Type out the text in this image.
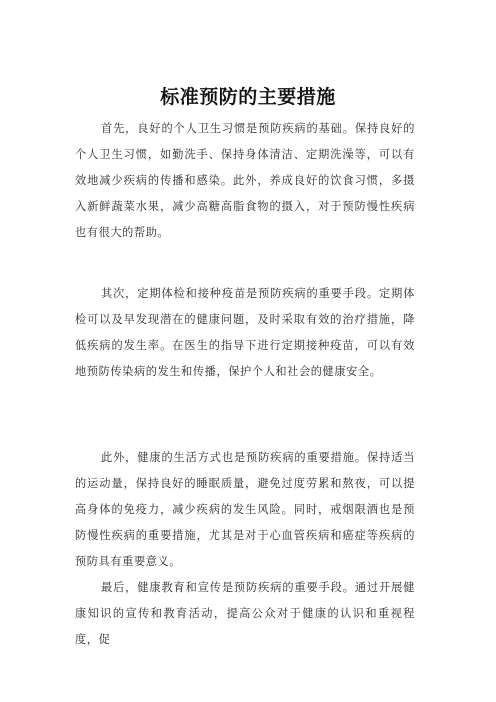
标准预防的主要措施

首先，良好的个人卫生习惯是预防疾病的基础。保持良好的个人卫生习惯，如勤洗手、保持身体清洁、定期洗澡等，可以有效地减少疾病的传播和感染。此外，养成良好的饮食习惯，多摄入新鲜蔬菜水果，减少高糖高脂食物的摄入，对于预防慢性疾病也有很大的帮助。

其次，定期体检和接种疫苗是预防疾病的重要手段。定期体检可以及早发现潜在的健康问题，及时采取有效的治疗措施，降低疾病的发生率。在医生的指导下进行定期接种疫苗，可以有效地预防传染病的发生和传播，保护个人和社会的健康安全。

此外，健康的生活方式也是预防疾病的重要措施。保持适当的运动量，保持良好的睡眠质量，避免过度劳累和熬夜，可以提高身体的免疫力，减少疾病的发生风险。同时，戒烟限酒也是预防慢性疾病的重要措施，尤其是对于心血管疾病和癌症等疾病的预防具有重要意义。

最后，健康教育和宣传是预防疾病的重要手段。通过开展健康知识的宣传和教育活动，提高公众对于健康的认识和重视程度，促
